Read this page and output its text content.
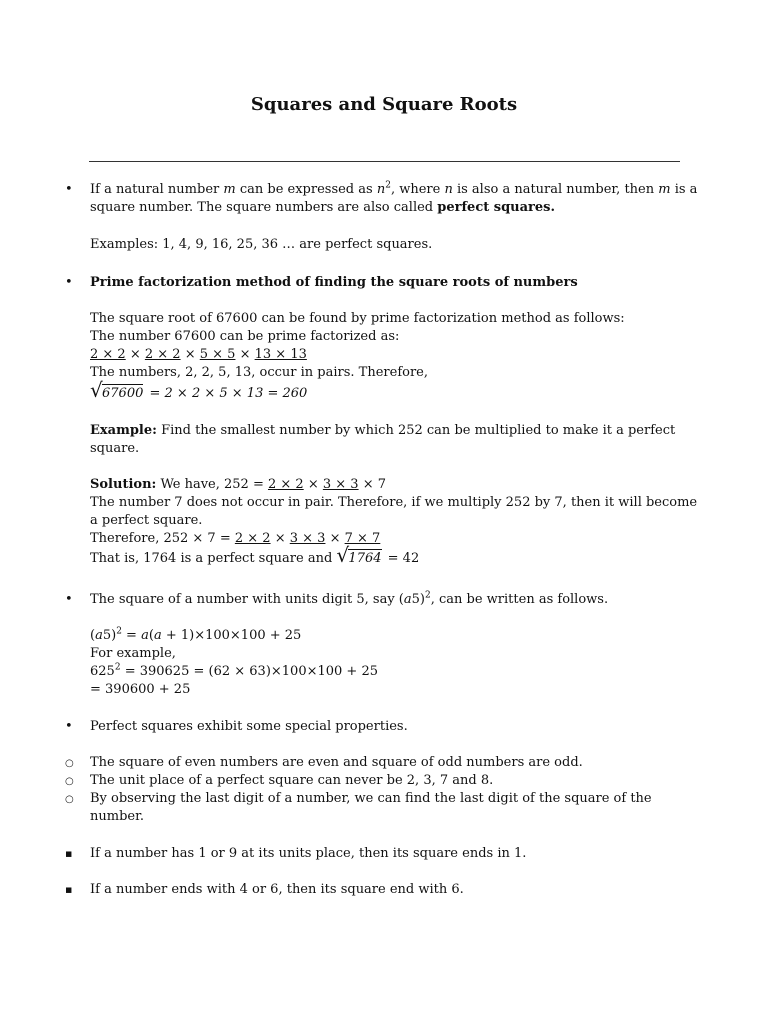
Squares and Square Roots
•
If a natural number m can be expressed as $n^2$, where n is also a natural number, then m is a
square number. The square numbers are also called perfect squares.
Examples: 1, 4, 9, 16, 25, 36 … are perfect squares.
•
Prime factorization method of finding the square roots of numbers
The square root of 67600 can be found by prime factorization method as follows:
The number 67600 can be prime factorized as:
2 × 2 × 2 × 2 × 5 × 5 × 13 × 13
The numbers, 2, 2, 5, 13, occur in pairs. Therefore,
√ 67600 = 2 × 2 × 5 × 13 = 260
Example: Find the smallest number by which 252 can be multiplied to make it a perfect
square.
Solution: We have, 252 = 2 × 2 × 3 × 3 × 7
The number 7 does not occur in pair. Therefore, if we multiply 252 by 7, then it will become
a perfect square.
Therefore, 252 × 7 = 2 × 2 × 3 × 3 × 7 × 7
That is, 1764 is a perfect square and √ 1764 = 42
•
The square of a number with units digit 5, say $(a5)^2$, can be written as follows.
$(a5)^2 = a(a + 1)\times 100\times 100 + 25$
For example,
$625^2 = 390625 = (62 \times 63)\times 100\times 100 + 25$
= 390600 + 25
•
Perfect squares exhibit some special properties.
○
The square of even numbers are even and square of odd numbers are odd.
○
The unit place of a perfect square can never be 2, 3, 7 and 8.
○
By observing the last digit of a number, we can find the last digit of the square of the
number.
▪
If a number has 1 or 9 at its units place, then its square ends in 1.
▪
If a number ends with 4 or 6, then its square end with 6.
